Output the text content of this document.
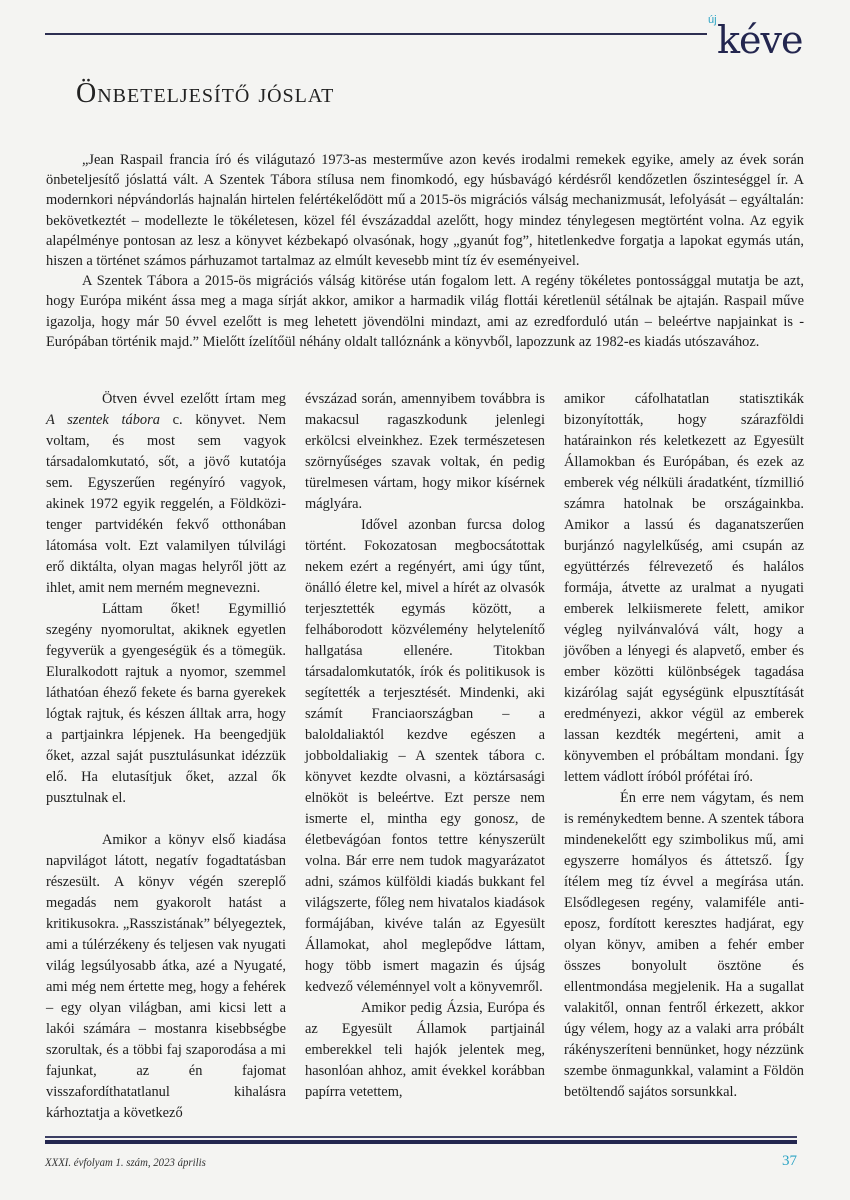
új kéve
Önbeteljesítő jóslat

„Jean Raspail francia író és világutazó 1973-as mesterműve azon kevés irodalmi remekek egyike, amely az évek során önbeteljesítő jóslattá vált. A Szentek Tábora stílusa nem finomkodó, egy húsbavágó kérdésről kendőzetlen őszinteséggel ír. A modernkori népvándorlás hajnalán hirtelen felértékelődött mű a 2015-ös migrációs válság mechanizmusát, lefolyását – egyáltalán: bekövetkeztét – modellezte le tökéletesen, közel fél évszázaddal azelőtt, hogy mindez ténylegesen megtörtént volna. Az egyik alapélménye pontosan az lesz a könyvet kézbekapó olvasónak, hogy „gyanút fog”, hitetlenkedve forgatja a lapokat egymás után, hiszen a történet számos párhuzamot tartalmaz az elmúlt kevesebb mint tíz év eseményeivel.

A Szentek Tábora a 2015-ös migrációs válság kitörése után fogalom lett. A regény tökéletes pontossággal mutatja be azt, hogy Európa miként ássa meg a maga sírját akkor, amikor a harmadik világ flottái kéretlenül sétálnak be ajtaján. Raspail műve igazolja, hogy már 50 évvel ezelőtt is meg lehetett jövendölni mindazt, ami az ezredforduló után – beleértve napjainkat is - Európában történik majd.” Mielőtt ízelítőül néhány oldalt tallóznánk a könyvből, lapozzunk az 1982-es kiadás utószavához.

Ötven évvel ezelőtt írtam meg A szentek tábora c. könyvet. Nem voltam, és most sem vagyok társadalomkutató, sőt, a jövő kutatója sem. Egyszerűen regényíró vagyok, akinek 1972 egyik reggelén, a Földközi-tenger partvidékén fekvő otthonában látomása volt. Ezt valamilyen túlvilági erő diktálta, olyan magas helyről jött az ihlet, amit nem merném megnevezni.

Láttam őket! Egymillió szegény nyomorultat, akiknek egyetlen fegyverük a gyengeségük és a tömegük. Eluralkodott rajtuk a nyomor, szemmel láthatóan éhező fekete és barna gyerekek lógtak rajtuk, és készen álltak arra, hogy a partjainkra lépjenek. Ha beengedjük őket, azzal saját pusztulásunkat idézzük elő. Ha elutasítjuk őket, azzal ők pusztulnak el.

Amikor a könyv első kiadása napvilágot látott, negatív fogadtatásban részesült. A könyv végén szereplő megadás nem gyakorolt hatást a kritikusokra. „Rasszistának” bélyegeztek, ami a túlérzékeny és teljesen vak nyugati világ legsúlyosabb átka, azé a Nyugaté, ami még nem értette meg, hogy a fehérek – egy olyan világban, ami kicsi lett a lakói számára – mostanra kisebbségbe szorultak, és a többi faj szaporodása a mi fajunkat, az én fajomat visszafordíthatatlanul kihalásra kárhoztatja a következő

évszázad során, amennyibem továbbra is makacsul ragaszkodunk jelenlegi erkölcsi elveinkhez. Ezek természetesen szörnyűséges szavak voltak, én pedig türelmesen vártam, hogy mikor kísérnek máglyára.

Idővel azonban furcsa dolog történt. Fokozatosan megbocsátottak nekem ezért a regényért, ami úgy tűnt, önálló életre kel, mivel a hírét az olvasók terjesztették egymás között, a felháborodott közvélemény helytelenítő hallgatása ellenére. Titokban társadalomkutatók, írók és politikusok is segítették a terjesztését. Mindenki, aki számít Franciaországban – a baloldaliaktól kezdve egészen a jobboldaliakig – A szentek tábora c. könyvet kezdte olvasni, a köztársasági elnököt is beleértve. Ezt persze nem ismerte el, mintha egy gonosz, de életbevágóan fontos tettre kényszerült volna. Bár erre nem tudok magyarázatot adni, számos külföldi kiadás bukkant fel világszerte, főleg nem hivatalos kiadások formájában, kivéve talán az Egyesült Államokat, ahol meglepődve láttam, hogy több ismert magazin és újság kedvező véleménnyel volt a könyvemről.

Amikor pedig Ázsia, Európa és az Egyesült Államok partjainál emberekkel teli hajók jelentek meg, hasonlóan ahhoz, amit évekkel korábban papírra vetettem,

amikor cáfolhatatlan statisztikák bizonyították, hogy szárazföldi határainkon rés keletkezett az Egyesült Államokban és Európában, és ezek az emberek vég nélküli áradatként, tízmillió számra hatolnak be országainkba. Amikor a lassú és daganatszerűen burjánzó nagylelkűség, ami csupán az együttérzés félrevezető és halálos formája, átvette az uralmat a nyugati emberek lelkiismerete felett, amikor végleg nyilvánvalóvá vált, hogy a jövőben a lényegi és alapvető, ember és ember közötti különbségek tagadása kizárólag saját egységünk elpusztítását eredményezi, akkor végül az emberek lassan kezdték megérteni, amit a könyvemben el próbáltam mondani. Így lettem vádlott íróból prófétai író.

Én erre nem vágytam, és nem is reménykedtem benne. A szentek tábora mindenekelőtt egy szimbolikus mű, ami egyszerre homályos és áttetsző. Így ítélem meg tíz évvel a megírása után. Elsődlegesen regény, valamiféle anti-eposz, fordított keresztes hadjárat, egy olyan könyv, amiben a fehér ember összes bonyolult ösztöne és ellentmondása megjelenik. Ha a sugallat valakitől, onnan fentről érkezett, akkor úgy vélem, hogy az a valaki arra próbált rákényszeríteni bennünket, hogy nézzünk szembe önmagunkkal, valamint a Földön betöltendő sajátos sorsunkkal.

XXXI. évfolyam 1. szám, 2023 április	37
